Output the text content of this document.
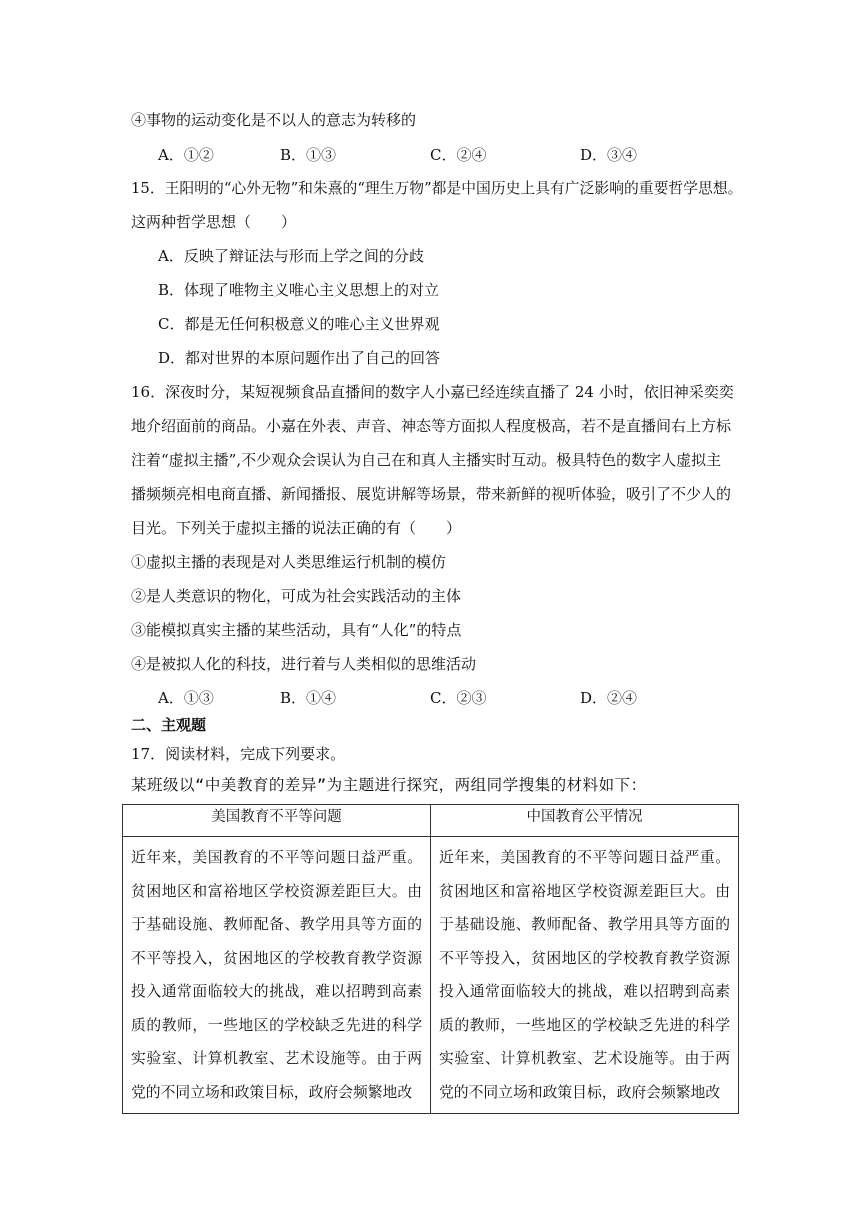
④事物的运动变化是不以人的意志为转移的
A．①②	B．①③	C．②④	D．③④
15．王阳明的“心外无物”和朱熹的“理生万物”都是中国历史上具有广泛影响的重要哲学思想。
这两种哲学思想（　　）
A．反映了辩证法与形而上学之间的分歧
B．体现了唯物主义唯心主义思想上的对立
C．都是无任何积极意义的唯心主义世界观
D．都对世界的本原问题作出了自己的回答
16．深夜时分，某短视频食品直播间的数字人小嘉已经连续直播了 24 小时，依旧神采奕奕
地介绍面前的商品。小嘉在外表、声音、神态等方面拟人程度极高，若不是直播间右上方标
注着“虚拟主播”,不少观众会误认为自己在和真人主播实时互动。极具特色的数字人虚拟主
播频频亮相电商直播、新闻播报、展览讲解等场景，带来新鲜的视听体验，吸引了不少人的
目光。下列关于虚拟主播的说法正确的有（　　）
①虚拟主播的表现是对人类思维运行机制的模仿
②是人类意识的物化，可成为社会实践活动的主体
③能模拟真实主播的某些活动，具有“人化”的特点
④是被拟人化的科技，进行着与人类相似的思维活动
A．①③	B．①④	C．②③	D．②④
二、主观题
17．阅读材料，完成下列要求。
某班级以“中美教育的差异”为主题进行探究，两组同学搜集的材料如下：
美国教育不平等问题	中国教育公平情况
近年来，美国教育的不平等问题日益严重。贫困地区和富裕地区学校资源差距巨大。由于基础设施、教师配备、教学用具等方面的不平等投入，贫困地区的学校教育教学资源投入通常面临较大的挑战，难以招聘到高素质的教师，一些地区的学校缺乏先进的科学实验室、计算机教室、艺术设施等。由于两党的不同立场和政策目标，政府会频繁地改	近年来，美国教育的不平等问题日益严重。贫困地区和富裕地区学校资源差距巨大。由于基础设施、教师配备、教学用具等方面的不平等投入，贫困地区的学校教育教学资源投入通常面临较大的挑战，难以招聘到高素质的教师，一些地区的学校缺乏先进的科学实验室、计算机教室、艺术设施等。由于两党的不同立场和政策目标，政府会频繁地改
